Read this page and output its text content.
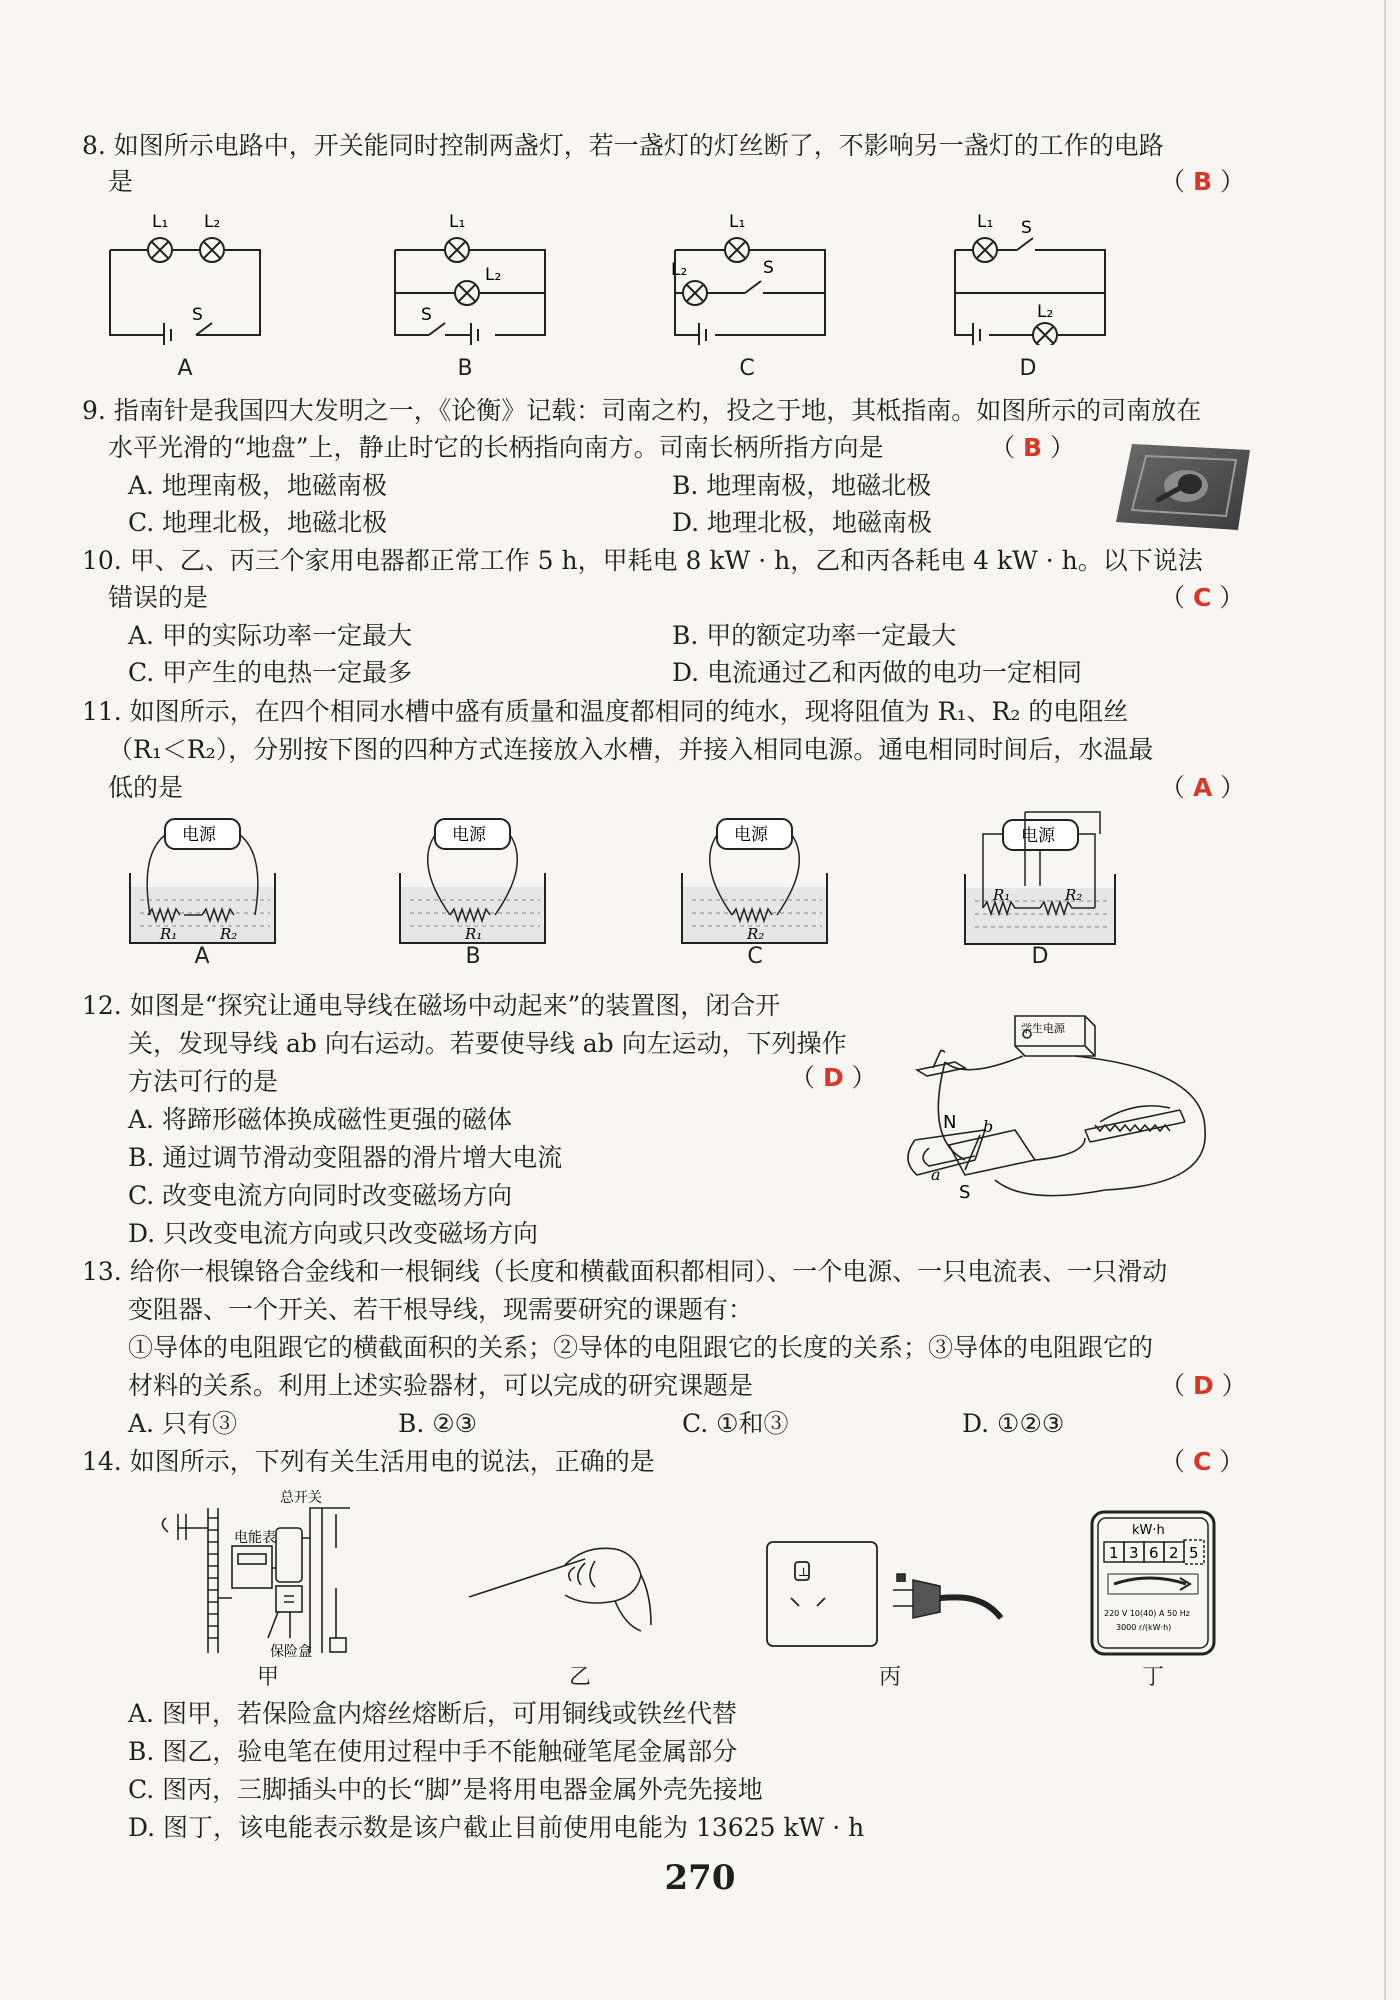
8. 如图所示电路中，开关能同时控制两盏灯，若一盏灯的灯丝断了，不影响另一盏灯的工作的电路
是	（ B ）
L₁ L₂
S
A
L₁
L₂
S
B
L₁
L₂	S
C
L₁ S
L₂
D
9. 指南针是我国四大发明之一，《论衡》记载：司南之杓，投之于地，其柢指南。如图所示的司南放在
水平光滑的“地盘”上，静止时它的长柄指向南方。司南长柄所指方向是	（ B ）
A. 地理南极，地磁南极	B. 地理南极，地磁北极
C. 地理北极，地磁北极	D. 地理北极，地磁南极
10. 甲、乙、丙三个家用电器都正常工作 5 h，甲耗电 8 kW · h，乙和丙各耗电 4 kW · h。以下说法
错误的是	（ C ）
A. 甲的实际功率一定最大	B. 甲的额定功率一定最大
C. 甲产生的电热一定最多	D. 电流通过乙和丙做的电功一定相同
11. 如图所示，在四个相同水槽中盛有质量和温度都相同的纯水，现将阻值为 R₁、R₂ 的电阻丝
（R₁＜R₂），分别按下图的四种方式连接放入水槽，并接入相同电源。通电相同时间后，水温最
低的是	（ A ）
电源
R₁	R₂
A
电源
R₁
B
电源
R₂
C
电源
R₁	R₂
D
12. 如图是“探究让通电导线在磁场中动起来”的装置图，闭合开
关，发现导线 ab 向右运动。若要使导线 ab 向左运动，下列操作
方法可行的是	（ D ）
A. 将蹄形磁体换成磁性更强的磁体
B. 通过调节滑动变阻器的滑片增大电流
C. 改变电流方向同时改变磁场方向
D. 只改变电流方向或只改变磁场方向
学生电源
N
S
b
a
13. 给你一根镍铬合金线和一根铜线（长度和横截面积都相同）、一个电源、一只电流表、一只滑动
变阻器、一个开关、若干根导线，现需要研究的课题有：
①导体的电阻跟它的横截面积的关系；②导体的电阻跟它的长度的关系；③导体的电阻跟它的
材料的关系。利用上述实验器材，可以完成的研究课题是	（ D ）
A. 只有③	B. ②③	C. ①和③	D. ①②③
14. 如图所示，下列有关生活用电的说法，正确的是	（ C ）
总开关
电能表
保险盒
甲	乙
⊥
丙
kW·h
1 3 6 2 5
220 V 10(40) A 50 Hz
3000 r/(kW·h)
丁
A. 图甲，若保险盒内熔丝熔断后，可用铜线或铁丝代替
B. 图乙，验电笔在使用过程中手不能触碰笔尾金属部分
C. 图丙，三脚插头中的长“脚”是将用电器金属外壳先接地
D. 图丁，该电能表示数是该户截止目前使用电能为 13625 kW · h
270
